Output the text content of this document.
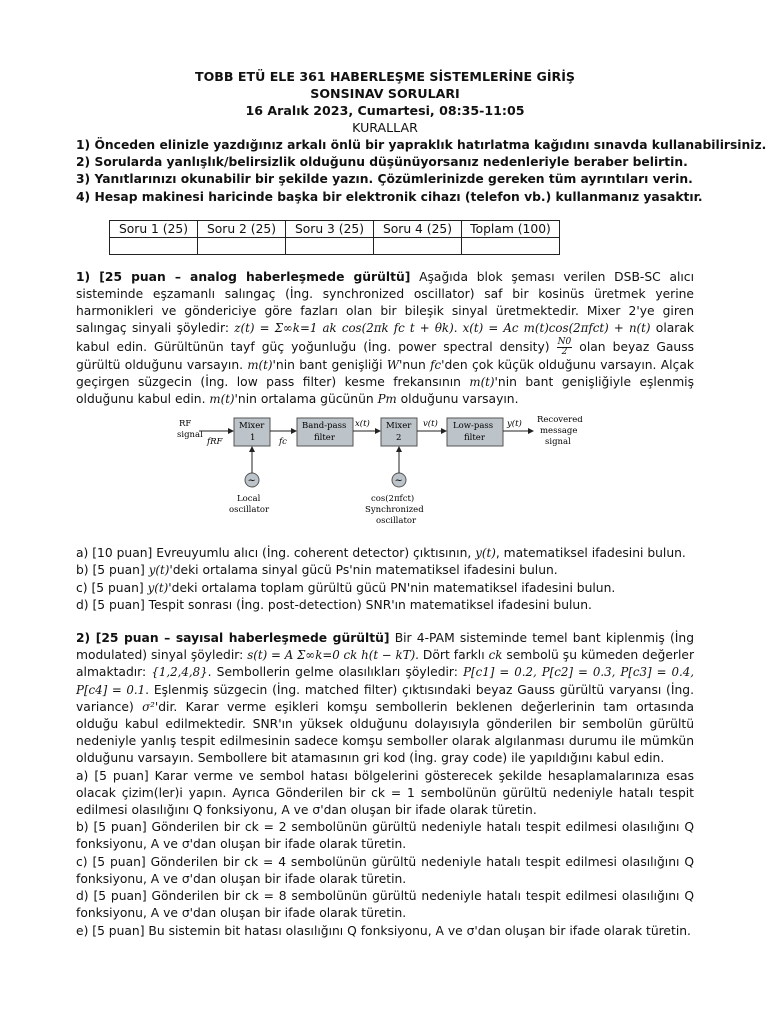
TOBB ETÜ ELE 361 HABERLEŞME SİSTEMLERİNE GİRİŞ
SONSINAV SORULARI
16 Aralık 2023, Cumartesi, 08:35-11:05
KURALLAR
1) Önceden elinizle yazdığınız arkalı önlü bir yapraklık hatırlatma kağıdını sınavda kullanabilirsiniz.
2) Sorularda yanlışlık/belirsizlik olduğunu düşünüyorsanız nedenleriyle beraber belirtin.
3) Yanıtlarınızı okunabilir bir şekilde yazın. Çözümlerinizde gereken tüm ayrıntıları verin.
4) Hesap makinesi haricinde başka bir elektronik cihazı (telefon vb.) kullanmanız yasaktır.
Soru 1 (25)	Soru 2 (25)	Soru 3 (25)	Soru 4 (25)	Toplam (100)

1) [25 puan – analog haberleşmede gürültü] Aşağıda blok şeması verilen DSB-SC alıcı sisteminde eşzamanlı salıngaç (İng. synchronized oscillator) saf bir kosinüs üretmek yerine harmonikleri ve göndericiye göre fazları olan bir bileşik sinyal üretmektedir. Mixer 2'ye giren salıngaç sinyali şöyledir: z(t) = Σ∞k=1 ak cos(2πk fc t + θk). x(t) = Ac m(t)cos(2πfct) + n(t) olarak kabul edin. Gürültünün tayf güç yoğunluğu (İng. power spectral density) $\frac{N0}{2}$ olan beyaz Gauss gürültü olduğunu varsayın. m(t)'nin bant genişliği W'nun fc'den çok küçük olduğunu varsayın. Alçak geçirgen süzgecin (İng. low pass filter) kesme frekansının m(t)'nin bant genişliğiyle eşlenmiş olduğunu kabul edin. m(t)'nin ortalama gücünün Pm olduğunu varsayın.
RF
signal
fRF
Mixer
1	fc
Band-pass
filter
x(t) Mixer
2
v(t) Low-pass
filter
y(t) Recovered
message
signal
~
Local
oscillator
~
cos(2πfct)
Synchronized
oscillator
a) [10 puan] Evreuyumlu alıcı (İng. coherent detector) çıktısının, y(t), matematiksel ifadesini bulun.
b) [5 puan] y(t)'deki ortalama sinyal gücü Ps'nin matematiksel ifadesini bulun.
c) [5 puan] y(t)'deki ortalama toplam gürültü gücü PN'nin matematiksel ifadesini bulun.
d) [5 puan] Tespit sonrası (İng. post-detection) SNR'ın matematiksel ifadesini bulun.
2) [25 puan – sayısal haberleşmede gürültü] Bir 4-PAM sisteminde temel bant kiplenmiş (İng modulated) sinyal şöyledir: s(t) = A Σ∞k=0 ck h(t − kT). Dört farklı ck sembolü şu kümeden değerler almaktadır: {1,2,4,8}. Sembollerin gelme olasılıkları şöyledir: P[c1] = 0.2, P[c2] = 0.3, P[c3] = 0.4, P[c4] = 0.1. Eşlenmiş süzgecin (İng. matched filter) çıktısındaki beyaz Gauss gürültü varyansı (İng. variance) σ²'dir. Karar verme eşikleri komşu sembollerin beklenen değerlerinin tam ortasında olduğu kabul edilmektedir. SNR'ın yüksek olduğunu dolayısıyla gönderilen bir sembolün gürültü nedeniyle yanlış tespit edilmesinin sadece komşu semboller olarak algılanması durumu ile mümkün olduğunu varsayın. Sembollere bit atamasının gri kod (İng. gray code) ile yapıldığını kabul edin.
a) [5 puan] Karar verme ve sembol hatası bölgelerini gösterecek şekilde hesaplamalarınıza esas olacak çizim(ler)i yapın. Ayrıca Gönderilen bir ck = 1 sembolünün gürültü nedeniyle hatalı tespit edilmesi olasılığını Q fonksiyonu, A ve σ'dan oluşan bir ifade olarak türetin.
b) [5 puan] Gönderilen bir ck = 2 sembolünün gürültü nedeniyle hatalı tespit edilmesi olasılığını Q fonksiyonu, A ve σ'dan oluşan bir ifade olarak türetin.
c) [5 puan] Gönderilen bir ck = 4 sembolünün gürültü nedeniyle hatalı tespit edilmesi olasılığını Q fonksiyonu, A ve σ'dan oluşan bir ifade olarak türetin.
d) [5 puan] Gönderilen bir ck = 8 sembolünün gürültü nedeniyle hatalı tespit edilmesi olasılığını Q fonksiyonu, A ve σ'dan oluşan bir ifade olarak türetin.
e) [5 puan] Bu sistemin bit hatası olasılığını Q fonksiyonu, A ve σ'dan oluşan bir ifade olarak türetin.
